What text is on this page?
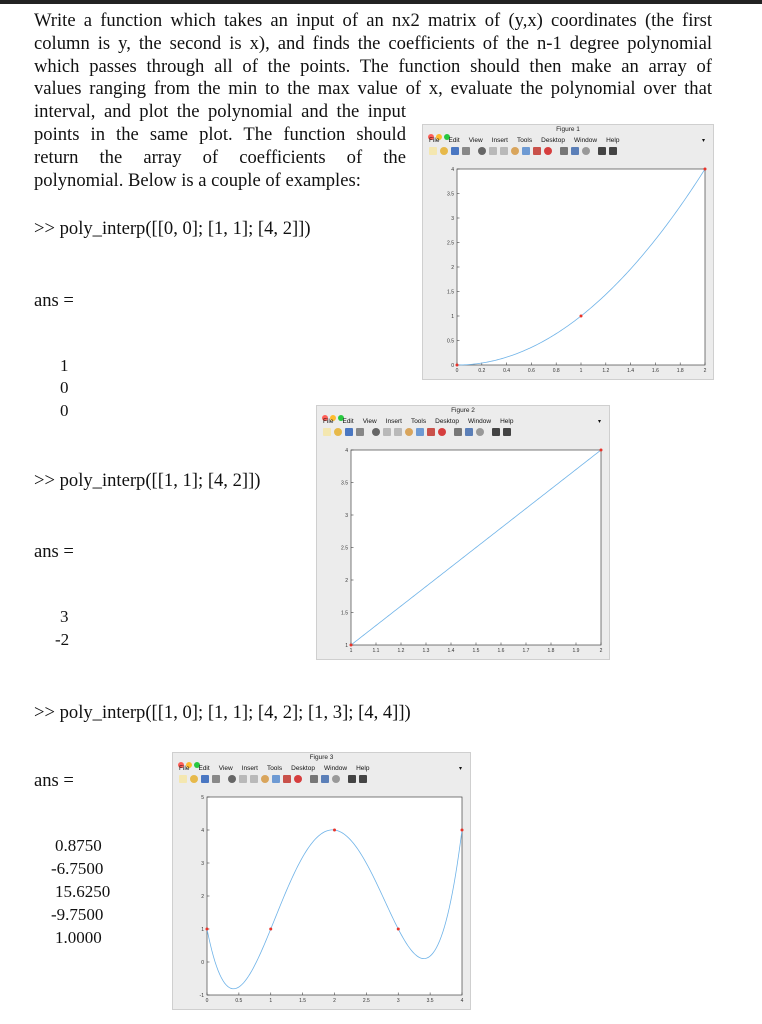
Write a function which takes an input of an nx2 matrix of (y,x) coordinates (the first
column is y, the second is x), and finds the coefficients of the n-1 degree polynomial
which passes through all of the points. The function should then make an array of
values ranging from the min to the max value of x, evaluate the polynomial over that
interval, and plot the polynomial and the input
points in the same plot. The function should
return the array of coefficients of the
polynomial. Below is a couple of examples:
>> poly_interp([[0, 0]; [1, 1]; [4, 2]])
ans =
1
0
0
>> poly_interp([[1, 1]; [4, 2]])
ans =
3
-2
>> poly_interp([[1, 0]; [1, 1]; [4, 2]; [1, 3]; [4, 4]])
ans =
0.8750
-6.7500
15.6250
-9.7500
1.0000
Figure 1
File Edit View Insert Tools Desktop Window Help	▾
0	0.2	0.4	0.6	0.8	1	1.2	1.4	1.6	1.8	2
0
0.5
1
1.5
2
2.5
3
3.5
4
Figure 2
File Edit View Insert Tools Desktop Window Help	▾
1	1.1	1.2	1.3	1.4	1.5	1.6	1.7	1.8	1.9	2
1
1.5
2
2.5
3
3.5
4
Figure 3
File Edit View Insert Tools Desktop Window Help	▾
0	0.5	1	1.5	2	2.5	3	3.5	4
-1
0
1
2
3
4
5
